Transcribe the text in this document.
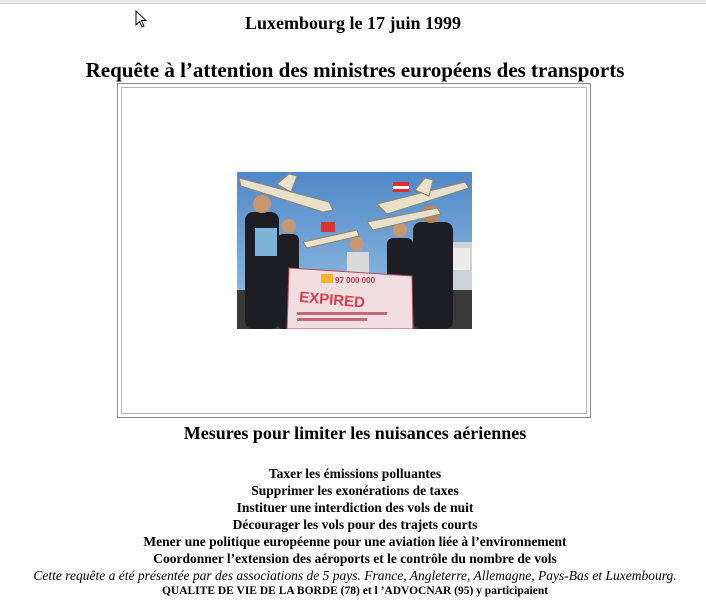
Luxembourg le 17 juin 1999
Requête à l’attention des ministres européens des transports
97 000 000
EXPIRED
Mesures pour limiter les nuisances aériennes
Taxer les émissions polluantes
Supprimer les exonérations de taxes
Instituer une interdiction des vols de nuit
Décourager les vols pour des trajets courts
Mener une politique européenne pour une aviation liée à l’environnement
Coordonner l’extension des aéroports et le contrôle du nombre de vols
Cette requête a été présentée par des associations de 5 pays. France, Angleterre, Allemagne, Pays-Bas et Luxembourg.
QUALITE DE VIE DE LA BORDE (78) et l ’ADVOCNAR (95) y participaient
